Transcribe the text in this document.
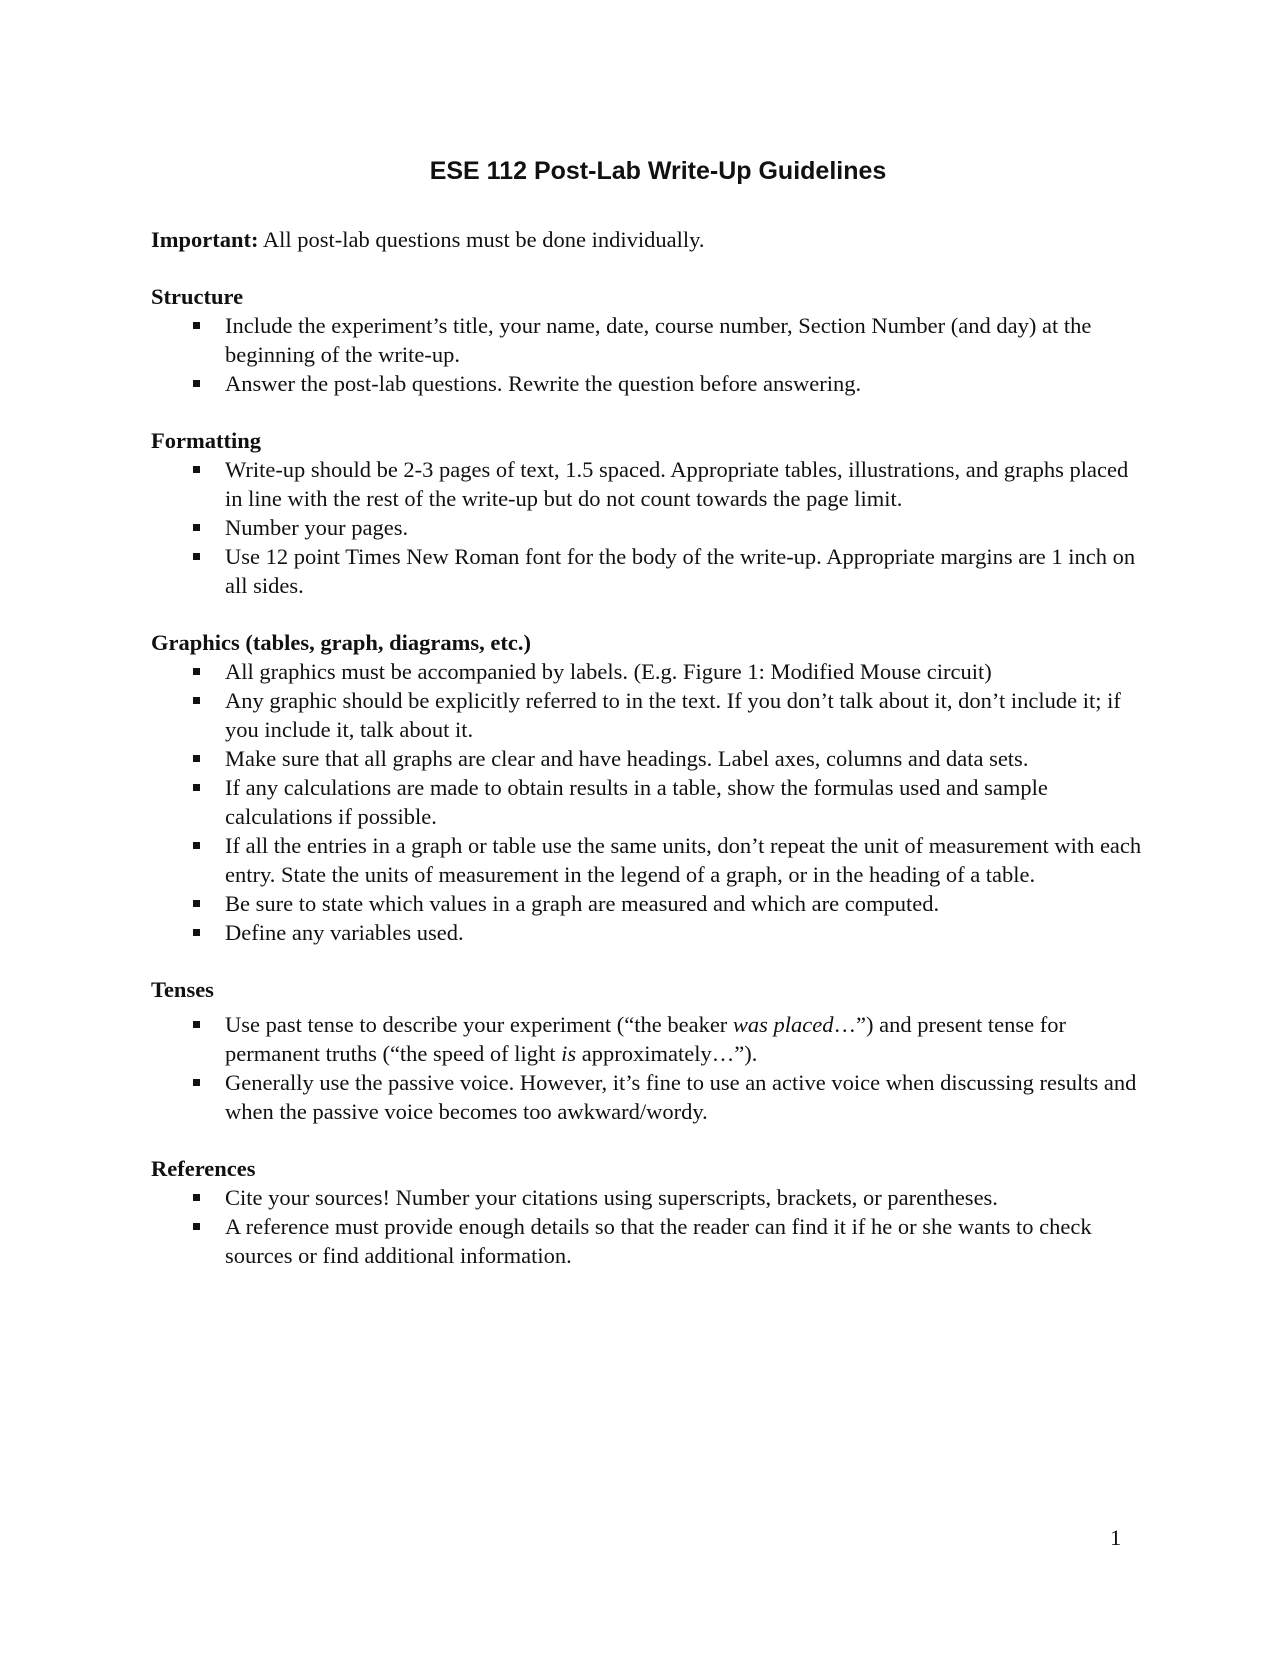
ESE 112 Post-Lab Write-Up Guidelines

Important: All post-lab questions must be done individually.

Structure

Include the experiment’s title, your name, date, course number, Section Number (and day) at the beginning of the write-up.
Answer the post-lab questions. Rewrite the question before answering.

Formatting

Write-up should be 2-3 pages of text, 1.5 spaced. Appropriate tables, illustrations, and graphs placed in line with the rest of the write-up but do not count towards the page limit.
Number your pages.
Use 12 point Times New Roman font for the body of the write-up. Appropriate margins are 1 inch on all sides.

Graphics (tables, graph, diagrams, etc.)

All graphics must be accompanied by labels. (E.g. Figure 1: Modified Mouse circuit)
Any graphic should be explicitly referred to in the text. If you don’t talk about it, don’t include it; if you include it, talk about it.
Make sure that all graphs are clear and have headings. Label axes, columns and data sets.
If any calculations are made to obtain results in a table, show the formulas used and sample calculations if possible.
If all the entries in a graph or table use the same units, don’t repeat the unit of measurement with each entry. State the units of measurement in the legend of a graph, or in the heading of a table.
Be sure to state which values in a graph are measured and which are computed.
Define any variables used.

Tenses

Use past tense to describe your experiment (“the beaker was placed…”) and present tense for permanent truths (“the speed of light is approximately…”).
Generally use the passive voice. However, it’s fine to use an active voice when discussing results and when the passive voice becomes too awkward/wordy.

References

Cite your sources! Number your citations using superscripts, brackets, or parentheses.
A reference must provide enough details so that the reader can find it if he or she wants to check sources or find additional information.
1
